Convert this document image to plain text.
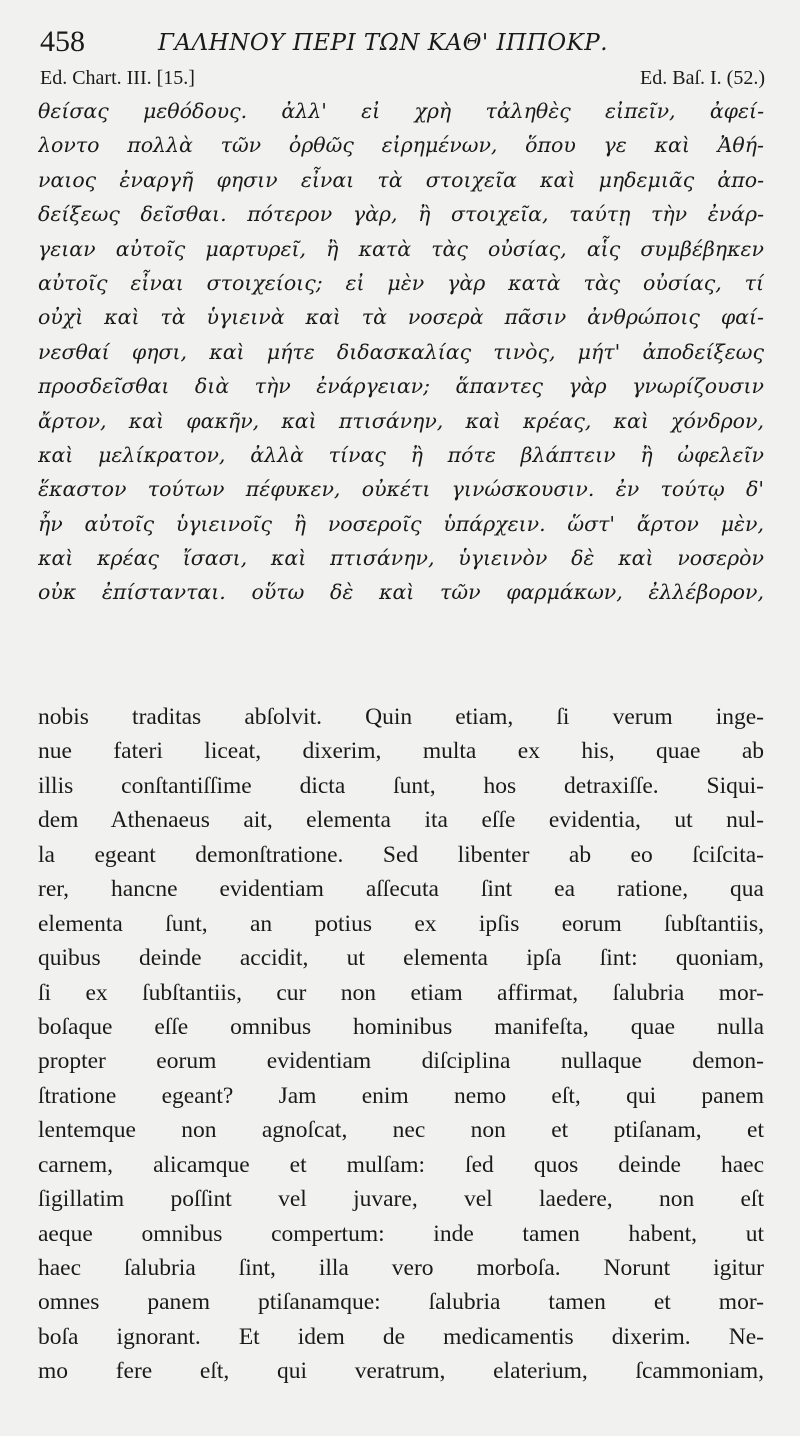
458	ΓΑΛΗΝΟΥ ΠΕΡΙ ΤΩΝ ΚΑΘ' ΙΠΠΟΚΡ.
Ed. Chart. III. [15.]	Ed. Baſ. I. (52.)
θείσας μεθόδους. ἀλλ' εἰ χρὴ τἀληθὲς εἰπεῖν, ἀφεί-
λοντο πολλὰ τῶν ὀρθῶς εἰρημένων, ὅπου γε καὶ Ἀθή-
ναιος ἐναργῆ φησιν εἶναι τὰ στοιχεῖα καὶ μηδεμιᾶς ἀπο-
δείξεως δεῖσθαι. πότερον γὰρ, ἢ στοιχεῖα, ταύτῃ τὴν ἐνάρ-
γειαν αὐτοῖς μαρτυρεῖ, ἢ κατὰ τὰς οὐσίας, αἷς συμβέβηκεν
αὐτοῖς εἶναι στοιχείοις; εἰ μὲν γὰρ κατὰ τὰς οὐσίας, τί
οὐχὶ καὶ τὰ ὑγιεινὰ καὶ τὰ νοσερὰ πᾶσιν ἀνθρώποις φαί-
νεσθαί φησι, καὶ μήτε διδασκαλίας τινὸς, μήτ' ἀποδείξεως
προσδεῖσθαι διὰ τὴν ἐνάργειαν; ἅπαντες γὰρ γνωρίζουσιν
ἄρτον, καὶ φακῆν, καὶ πτισάνην, καὶ κρέας, καὶ χόνδρον,
καὶ μελίκρατον, ἀλλὰ τίνας ἢ πότε βλάπτειν ἢ ὠφελεῖν
ἕκαστον τούτων πέφυκεν, οὐκέτι γινώσκουσιν. ἐν τούτῳ δ'
ἦν αὐτοῖς ὑγιεινοῖς ἢ νοσεροῖς ὑπάρχειν. ὥστ' ἄρτον μὲν,
καὶ κρέας ἴσασι, καὶ πτισάνην, ὑγιεινὸν δὲ καὶ νοσερὸν
οὐκ ἐπίστανται. οὕτω δὲ καὶ τῶν φαρμάκων, ἐλλέβορον,
nobis traditas abſolvit. Quin etiam, ſi verum inge-
nue fateri liceat, dixerim, multa ex his, quae ab
illis conſtantiſſime dicta ſunt, hos detraxiſſe. Siqui-
dem Athenaeus ait, elementa ita eſſe evidentia, ut nul-
la egeant demonſtratione. Sed libenter ab eo ſciſcita-
rer, hancne evidentiam aſſecuta ſint ea ratione, qua
elementa ſunt, an potius ex ipſis eorum ſubſtantiis,
quibus deinde accidit, ut elementa ipſa ſint: quoniam,
ſi ex ſubſtantiis, cur non etiam affirmat, ſalubria mor-
boſaque eſſe omnibus hominibus manifeſta, quae nulla
propter eorum evidentiam diſciplina nullaque demon-
ſtratione egeant? Jam enim nemo eſt, qui panem
lentemque non agnoſcat, nec non et ptiſanam, et
carnem, alicamque et mulſam: ſed quos deinde haec
ſigillatim poſſint vel juvare, vel laedere, non eſt
aeque omnibus compertum: inde tamen habent, ut
haec ſalubria ſint, illa vero morboſa. Norunt igitur
omnes panem ptiſanamque: ſalubria tamen et mor-
boſa ignorant. Et idem de medicamentis dixerim. Ne-
mo fere eſt, qui veratrum, elaterium, ſcammoniam,
